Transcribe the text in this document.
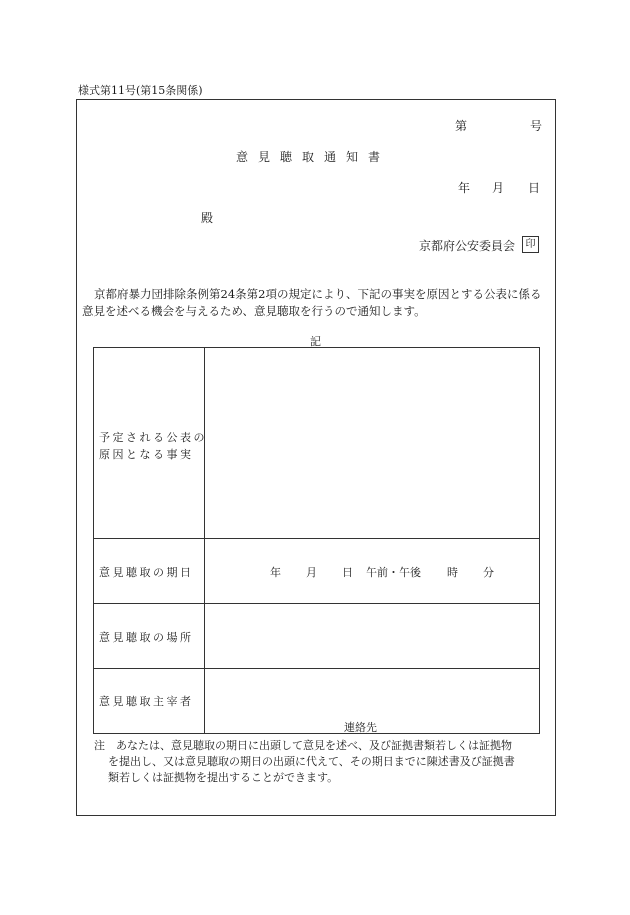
様式第11号(第15条関係)
第	号
意見聴取通知書
年 月 日
殿
京都府公安委員会	印
京都府暴力団排除条例第24条第2項の規定により、下記の事実を原因とする公表に係る
意見を述べる機会を与えるため、意見聴取を行うので通知します。
記
予定される公表の
原因となる事実
意見聴取の期日
意見聴取の場所
意見聴取主宰者
年 月 日 午前・午後 時 分
連絡先
注　あなたは、意見聴取の期日に出頭して意見を述べ、及び証拠書類若しくは証拠物
を提出し、又は意見聴取の期日の出頭に代えて、その期日までに陳述書及び証拠書
類若しくは証拠物を提出することができます。
